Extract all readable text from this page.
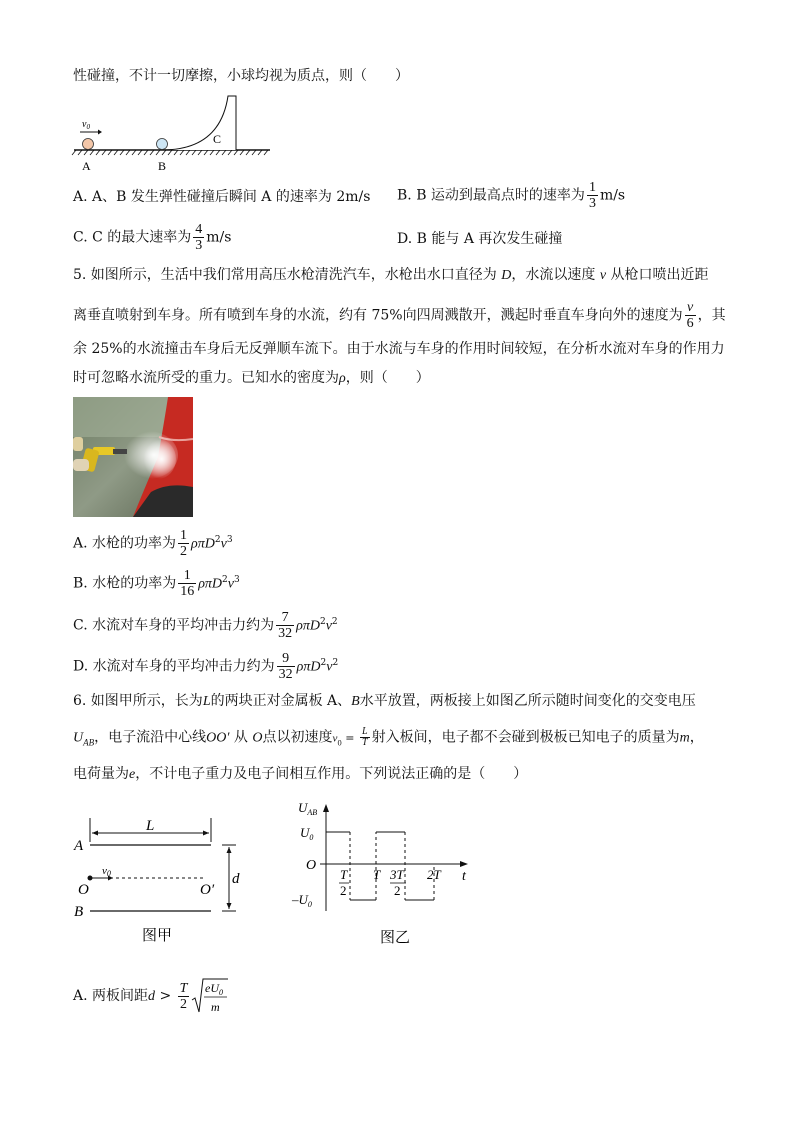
性碰撞，不计一切摩擦，小球均视为质点，则（　　）
$v_0$
A	B
C
A. A、B 发生弹性碰撞后瞬间 A 的速率为 2m/s B. B 运动到最高点时的速率为 $\frac{1}{3} m/s$
C. C 的最大速率为 $\frac{4}{3} m/s$	D. B 能与 A 再次发生碰撞
5. 如图所示，生活中我们常用高压水枪清洗汽车，水枪出水口直径为 D，水流以速度 v 从枪口喷出近距
离垂直喷射到车身。所有喷到车身的水流，约有 75%向四周溅散开，溅起时垂直车身向外的速度为 $\frac{v}{6}$ ，其
余 25%的水流撞击车身后无反弹顺车流下。由于水流与车身的作用时间较短，在分析水流对车身的作用力
时可忽略水流所受的重力。已知水的密度为ρ，则（　　）
A. 水枪的功率为 $\frac{1}{2} \rho\pi D^2v^3$
B. 水枪的功率为 $\frac{1}{16} \rho\pi D^2v^3$
C. 水流对车身的平均冲击力约为 $\frac{7}{32} \rho\pi D^2v^2$
D. 水流对车身的平均冲击力约为 $\frac{9}{32} \rho\pi D^2v^2$
6. 如图甲所示，长为L的两块正对金属板 A、B水平放置，两板接上如图乙所示随时间变化的交变电压
$U_{AB}$，电子流沿中心线OO′ 从 O点以初速度$v_0 = \frac{L}{T}$ 射入板间，电子都不会碰到极板已知电子的质量为m，
电荷量为e，不计电子重力及电子间相互作用。下列说法正确的是（　　）
L
A
B
v0
O	O′
d
图甲
$U_{AB}$
$U_0$
O
$-U_0$
t
T
2
T 3T
2
2T
图乙
A. 两板间距$d > \frac{T}{2} eU_0$
m
